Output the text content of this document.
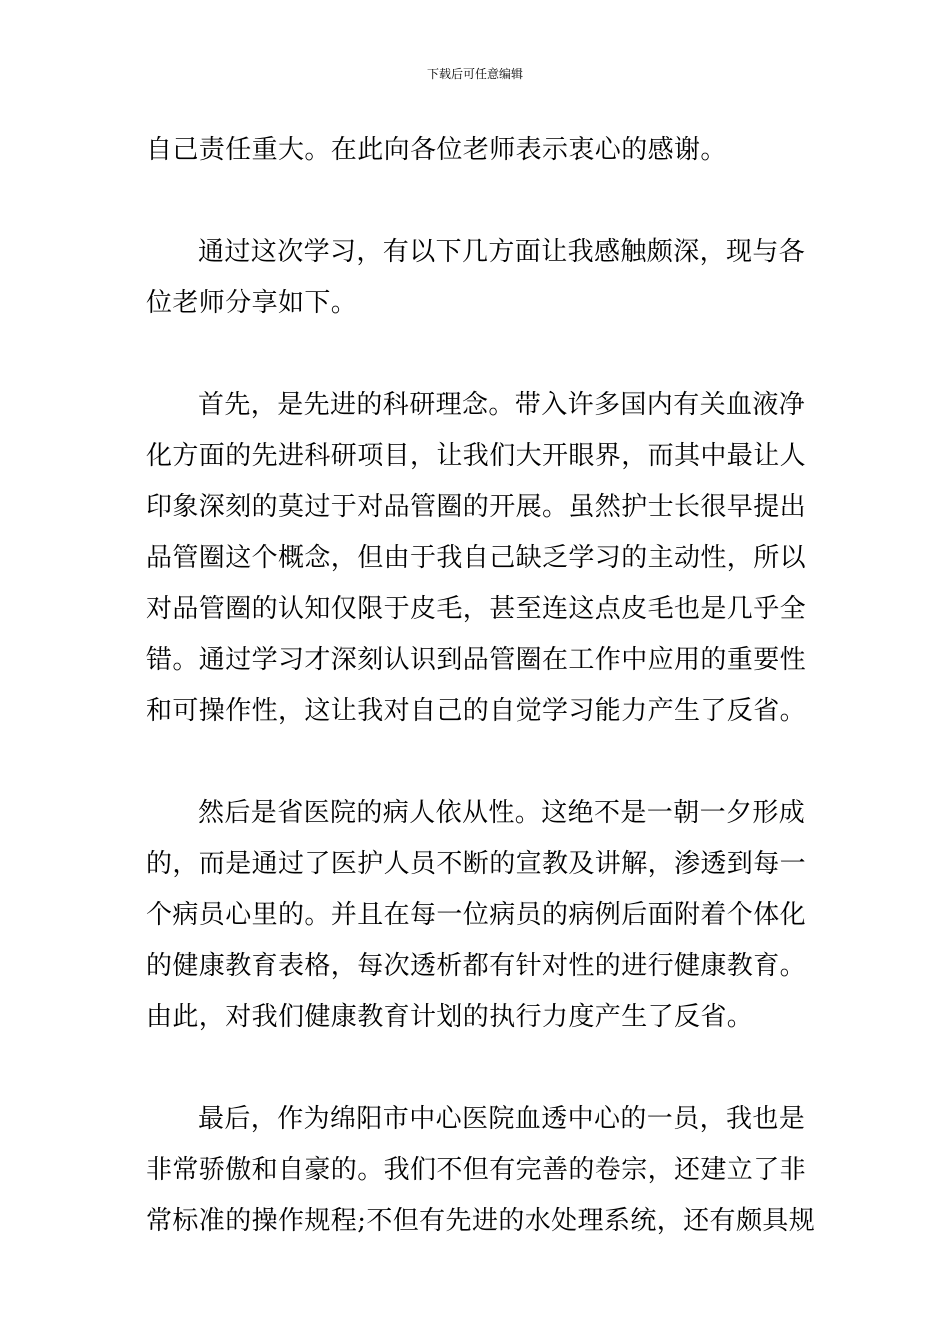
下载后可任意编辑
自己责任重大。在此向各位老师表示衷心的感谢。
通过这次学习，有以下几方面让我感触颇深，现与各
位老师分享如下。
首先，是先进的科研理念。带入许多国内有关血液净
化方面的先进科研项目，让我们大开眼界，而其中最让人
印象深刻的莫过于对品管圈的开展。虽然护士长很早提出
品管圈这个概念，但由于我自己缺乏学习的主动性，所以
对品管圈的认知仅限于皮毛，甚至连这点皮毛也是几乎全
错。通过学习才深刻认识到品管圈在工作中应用的重要性
和可操作性，这让我对自己的自觉学习能力产生了反省。
然后是省医院的病人依从性。这绝不是一朝一夕形成
的，而是通过了医护人员不断的宣教及讲解，渗透到每一
个病员心里的。并且在每一位病员的病例后面附着个体化
的健康教育表格，每次透析都有针对性的进行健康教育。
由此，对我们健康教育计划的执行力度产生了反省。
最后，作为绵阳市中心医院血透中心的一员，我也是
非常骄傲和自豪的。我们不但有完善的卷宗，还建立了非
常标准的操作规程;不但有先进的水处理系统，还有颇具规
